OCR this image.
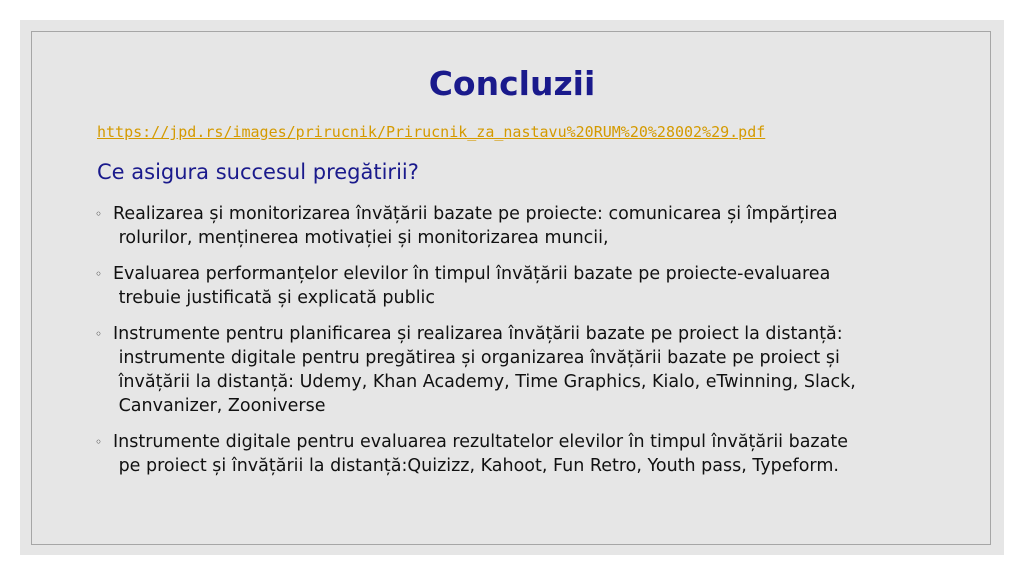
Concluzii
https://jpd.rs/images/prirucnik/Prirucnik_za_nastavu%20RUM%20%28002%29.pdf
Ce asigura succesul pregătirii?
◦ Realizarea și monitorizarea învățării bazate pe proiecte: comunicarea și împărțirea
rolurilor, menținerea motivației și monitorizarea muncii,
◦ Evaluarea performanțelor elevilor în timpul învățării bazate pe proiecte-evaluarea
trebuie justificată și explicată public
◦ Instrumente pentru planificarea și realizarea învățării bazate pe proiect la distanță:
instrumente digitale pentru pregătirea și organizarea învățării bazate pe proiect și
învățării la distanță: Udemy, Khan Academy, Time Graphics, Kialo, eTwinning, Slack,
Canvanizer, Zooniverse
◦ Instrumente digitale pentru evaluarea rezultatelor elevilor în timpul învățării bazate
pe proiect și învățării la distanță:Quizizz, Kahoot, Fun Retro, Youth pass, Typeform.
